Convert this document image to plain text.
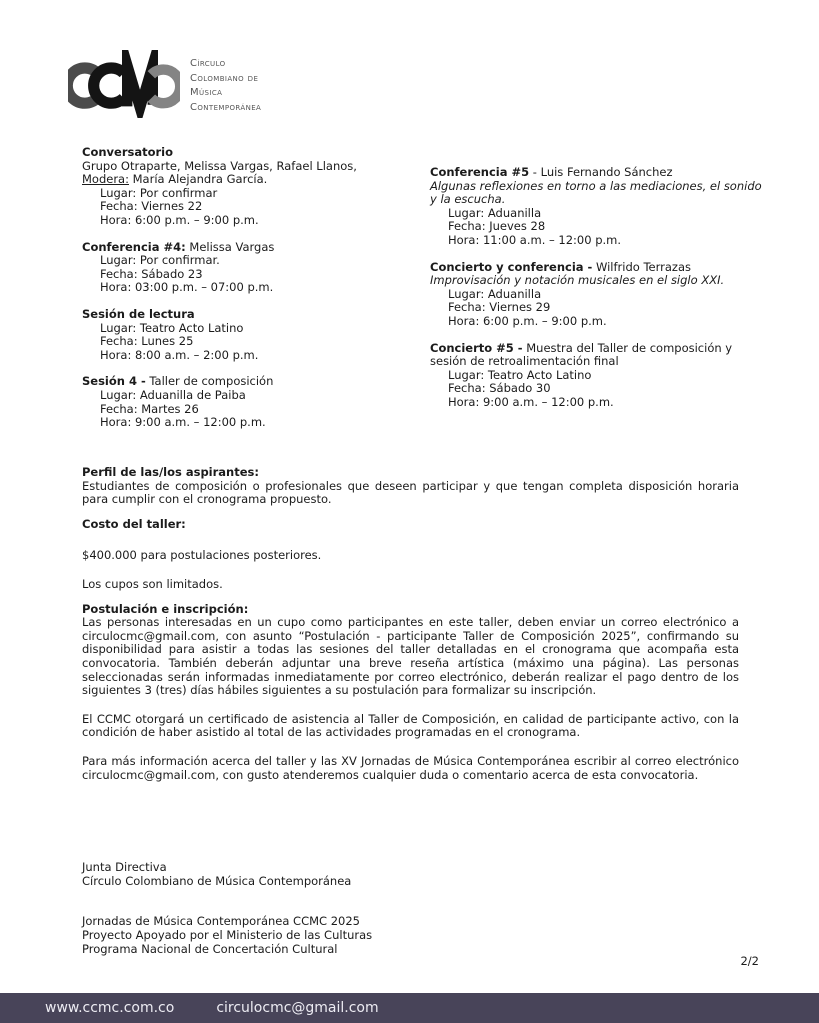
Círculo
Colombiano de
Música
Contemporánea
Conversatorio
Grupo Otraparte, Melissa Vargas, Rafael Llanos,
Modera: María Alejandra García.
Lugar: Por confirmar
Fecha: Viernes 22
Hora: 6:00 p.m. – 9:00 p.m.
Conferencia #4: Melissa Vargas
Lugar: Por confirmar.
Fecha: Sábado 23
Hora: 03:00 p.m. – 07:00 p.m.
Sesión de lectura
Lugar: Teatro Acto Latino
Fecha: Lunes 25
Hora: 8:00 a.m. – 2:00 p.m.
Sesión 4 - Taller de composición
Lugar: Aduanilla de Paiba
Fecha: Martes 26
Hora: 9:00 a.m. – 12:00 p.m.
Conferencia #5 - Luis Fernando Sánchez
Algunas reflexiones en torno a las mediaciones, el sonido y la escucha.
Lugar: Aduanilla
Fecha: Jueves 28
Hora: 11:00 a.m. – 12:00 p.m.
Concierto y conferencia - Wilfrido Terrazas
Improvisación y notación musicales en el siglo XXI.
Lugar: Aduanilla
Fecha: Viernes 29
Hora: 6:00 p.m. – 9:00 p.m.
Concierto #5 - Muestra del Taller de composición y sesión de retroalimentación final
Lugar: Teatro Acto Latino
Fecha: Sábado 30
Hora: 9:00 a.m. – 12:00 p.m.
Perfil de las/los aspirantes:
Estudiantes de composición o profesionales que deseen participar y que tengan completa disposición horaria para cumplir con el cronograma propuesto.
Costo del taller:
$400.000 para postulaciones posteriores.
Los cupos son limitados.
Postulación e inscripción:
Las personas interesadas en un cupo como participantes en este taller, deben enviar un correo electrónico a circulocmc@gmail.com, con asunto “Postulación - participante Taller de Composición 2025”, confirmando su disponibilidad para asistir a todas las sesiones del taller detalladas en el cronograma que acompaña esta convocatoria. También deberán adjuntar una breve reseña artística (máximo una página). Las personas seleccionadas serán informadas inmediatamente por correo electrónico, deberán realizar el pago dentro de los siguientes 3 (tres) días hábiles siguientes a su postulación para formalizar su inscripción.
El CCMC otorgará un certificado de asistencia al Taller de Composición, en calidad de participante activo, con la condición de haber asistido al total de las actividades programadas en el cronograma.
Para más información acerca del taller y las XV Jornadas de Música Contemporánea escribir al correo electrónico circulocmc@gmail.com, con gusto atenderemos cualquier duda o comentario acerca de esta convocatoria.
Junta Directiva
Círculo Colombiano de Música Contemporánea
Jornadas de Música Contemporánea CCMC 2025
Proyecto Apoyado por el Ministerio de las Culturas
Programa Nacional de Concertación Cultural
2/2
www.ccmc.com.co	circulocmc@gmail.com
